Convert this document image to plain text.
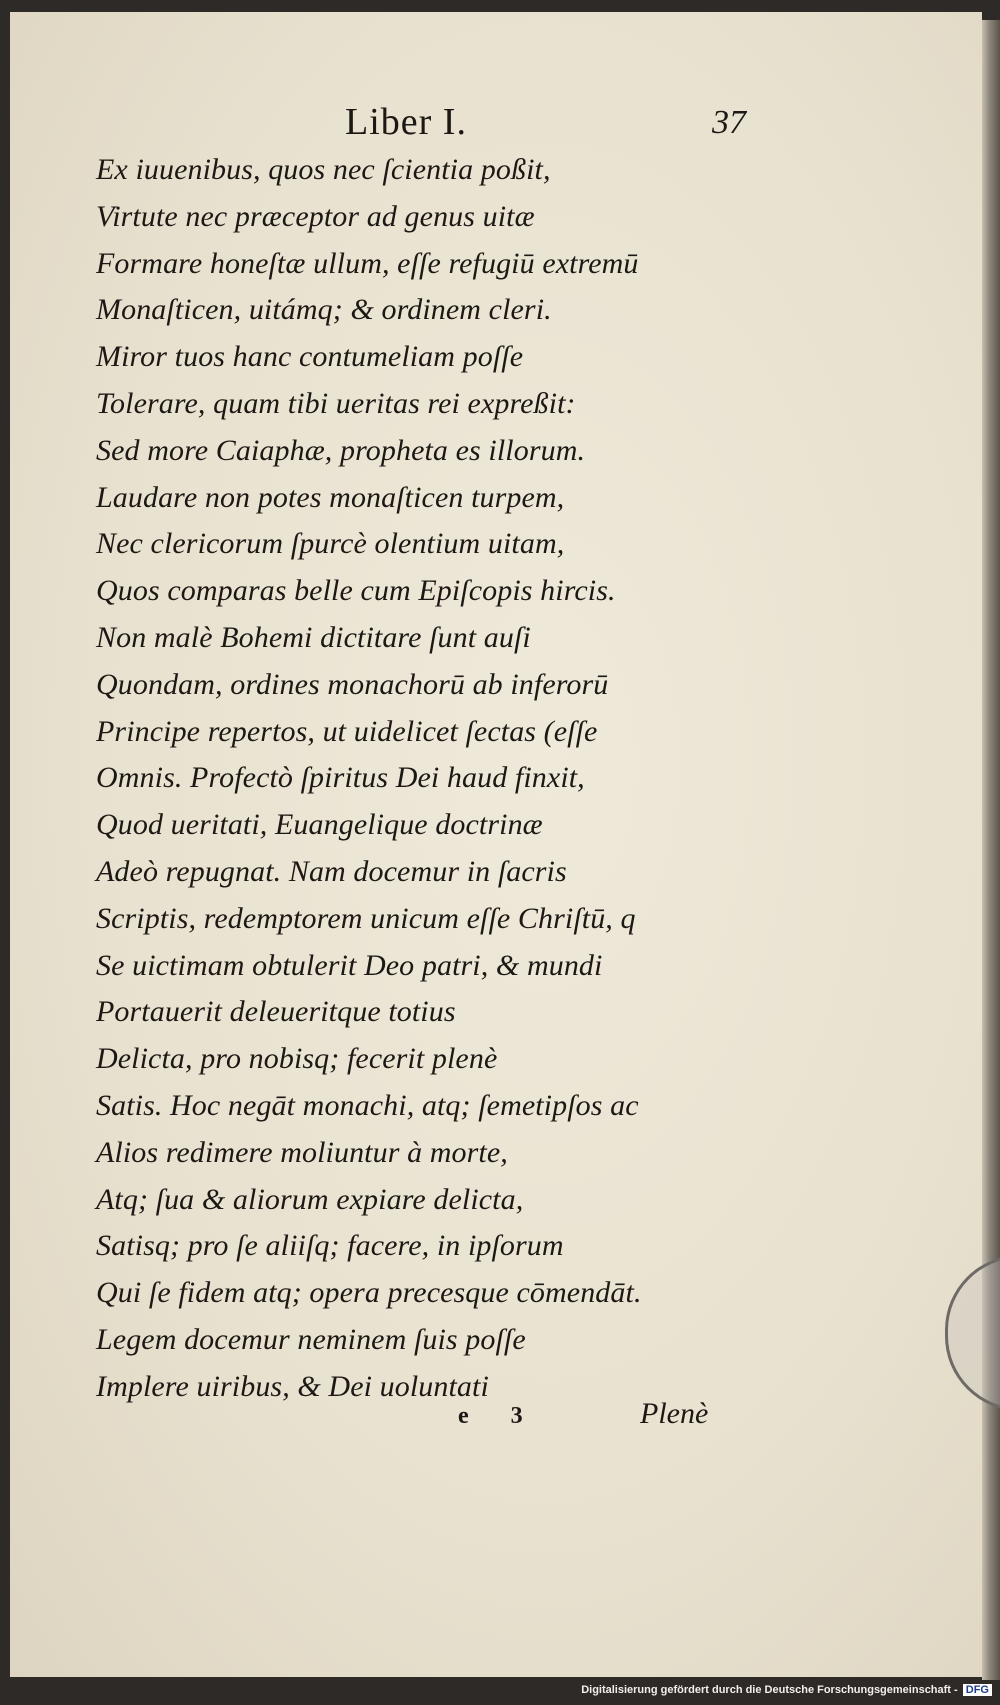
Liber I.	37
Ex iuuenibus, quos nec ſcientia poßit,
Virtute nec præceptor ad genus uitæ
Formare honeſtæ ullum, eſſe refugiū extremū
Monaſticen, uitámq; & ordinem cleri.
Miror tuos hanc contumeliam poſſe
Tolerare, quam tibi ueritas rei expreßit:
Sed more Caiaphæ, propheta es illorum.
Laudare non potes monaſticen turpem,
Nec clericorum ſpurcè olentium uitam,
Quos comparas belle cum Epiſcopis hircis.
Non malè Bohemi dictitare ſunt auſi
Quondam, ordines monachorū ab inferorū
Principe repertos, ut uidelicet ſectas (eſſe
Omnis. Profectò ſpiritus Dei haud finxit,
Quod ueritati, Euangelique doctrinæ
Adeò repugnat. Nam docemur in ſacris
Scriptis, redemptorem unicum eſſe Chriſtū, q
Se uictimam obtulerit Deo patri, & mundi
Portauerit deleueritque totius
Delicta, pro nobisq; fecerit plenè
Satis. Hoc negāt monachi, atq; ſemetipſos ac
Alios redimere moliuntur à morte,
Atq; ſua & aliorum expiare delicta,
Satisq; pro ſe aliiſq; facere, in ipſorum
Qui ſe fidem atq; opera precesque cōmendāt.
Legem docemur neminem ſuis poſſe
Implere uiribus, & Dei uoluntati
e 3	Plenè
Digitalisierung gefördert durch die Deutsche Forschungsgemeinschaft - DFG
